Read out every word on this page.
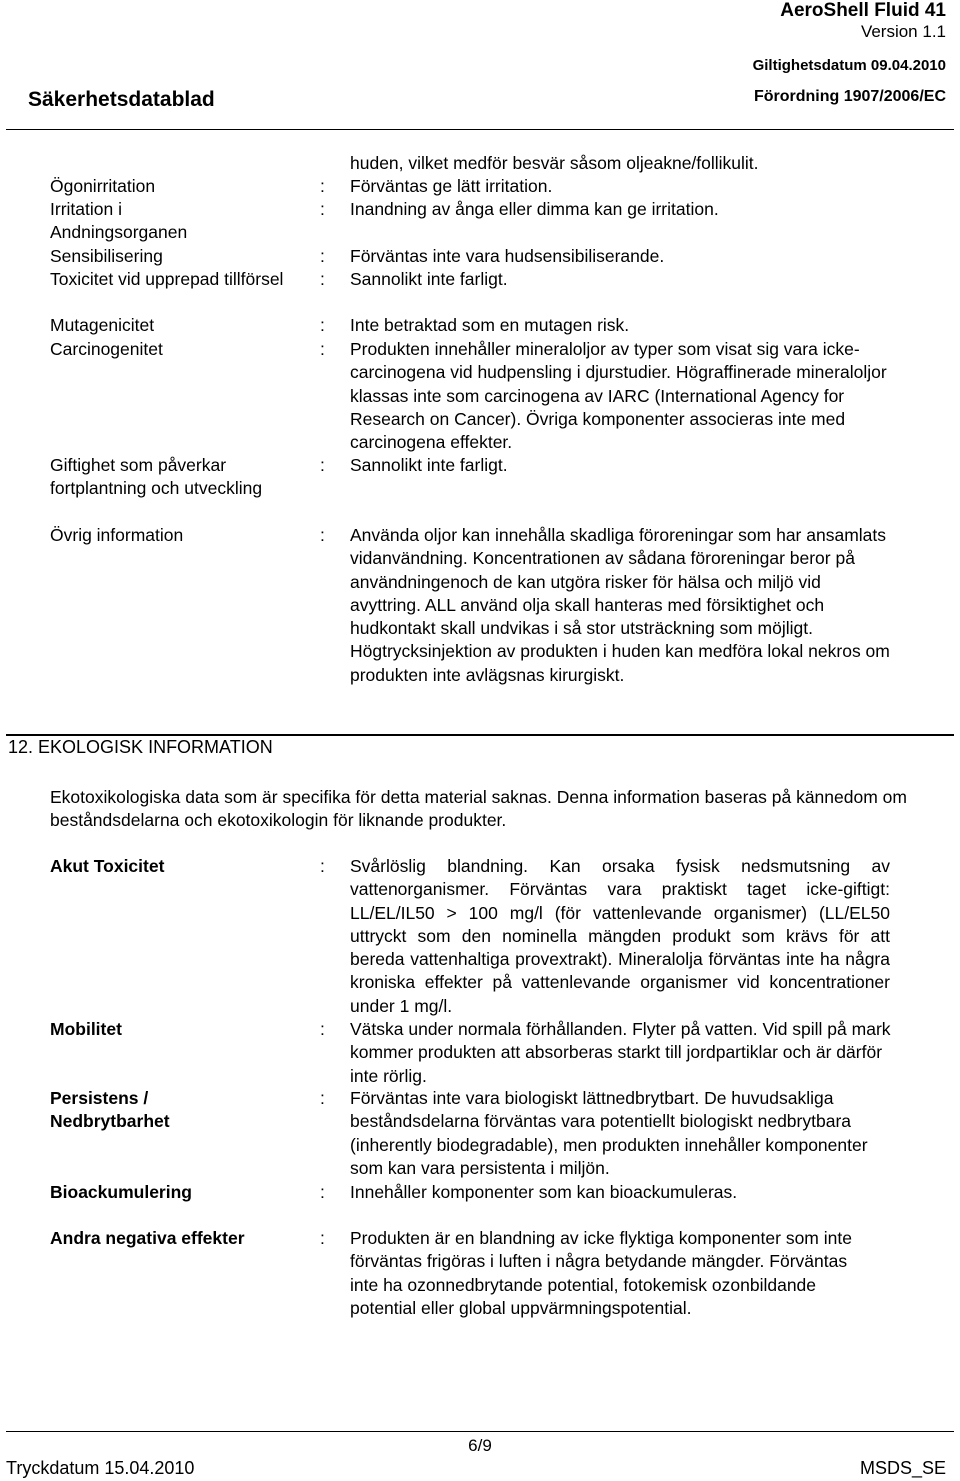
AeroShell Fluid 41
Version 1.1
Giltighetsdatum 09.04.2010
Förordning 1907/2006/EC
Säkerhetsdatablad
huden, vilket medför besvär såsom oljeakne/follikulit.
Ögonirritation	: Förväntas ge lätt irritation.
Irritation i Andningsorganen
: Inandning av ånga eller dimma kan ge irritation.
Sensibilisering	: Förväntas inte vara hudsensibiliserande.
Toxicitet vid upprepad tillförsel : Sannolikt inte farligt.
Mutagenicitet	: Inte betraktad som en mutagen risk.
Carcinogenitet	: Produkten innehåller mineraloljor av typer som visat sig vara icke-carcinogena vid hudpensling i djurstudier. Högraffinerade mineraloljor klassas inte som carcinogena av IARC (International Agency for Research on Cancer). Övriga komponenter associeras inte med carcinogena effekter.
Giftighet som påverkar fortplantning och utveckling
: Sannolikt inte farligt.
Övrig information	: Använda oljor kan innehålla skadliga föroreningar som har ansamlats vidanvändning. Koncentrationen av sådana föroreningar beror på användningenoch de kan utgöra risker för hälsa och miljö vid avyttring. ALL använd olja skall hanteras med försiktighet och hudkontakt skall undvikas i så stor utsträckning som möjligt. Högtrycksinjektion av produkten i huden kan medföra lokal nekros om produkten inte avlägsnas kirurgiskt.
12. EKOLOGISK INFORMATION
Ekotoxikologiska data som är specifika för detta material saknas. Denna information baseras på kännedom om beståndsdelarna och ekotoxikologin för liknande produkter.
Akut Toxicitet	: Svårlöslig blandning. Kan orsaka fysisk nedsmutsning av vattenorganismer. Förväntas vara praktiskt taget icke-giftigt: LL/EL/IL50 > 100 mg/l (för vattenlevande organismer) (LL/EL50 uttryckt som den nominella mängden produkt som krävs för att bereda vattenhaltiga provextrakt). Mineralolja förväntas inte ha några kroniska effekter på vattenlevande organismer vid koncentrationer under 1 mg/l.
Mobilitet	: Vätska under normala förhållanden. Flyter på vatten. Vid spill på mark kommer produkten att absorberas starkt till jordpartiklar och är därför inte rörlig.
Persistens / Nedbrytbarhet
: Förväntas inte vara biologiskt lättnedbrytbart. De huvudsakliga beståndsdelarna förväntas vara potentiellt biologiskt nedbrytbara (inherently biodegradable), men produkten innehåller komponenter som kan vara persistenta i miljön.
Bioackumulering	: Innehåller komponenter som kan bioackumuleras.
Andra negativa effekter	: Produkten är en blandning av icke flyktiga komponenter som inte förväntas frigöras i luften i några betydande mängder. Förväntas inte ha ozonnedbrytande potential, fotokemisk ozonbildande potential eller global uppvärmningspotential.
6/9
Tryckdatum 15.04.2010	MSDS_SE
